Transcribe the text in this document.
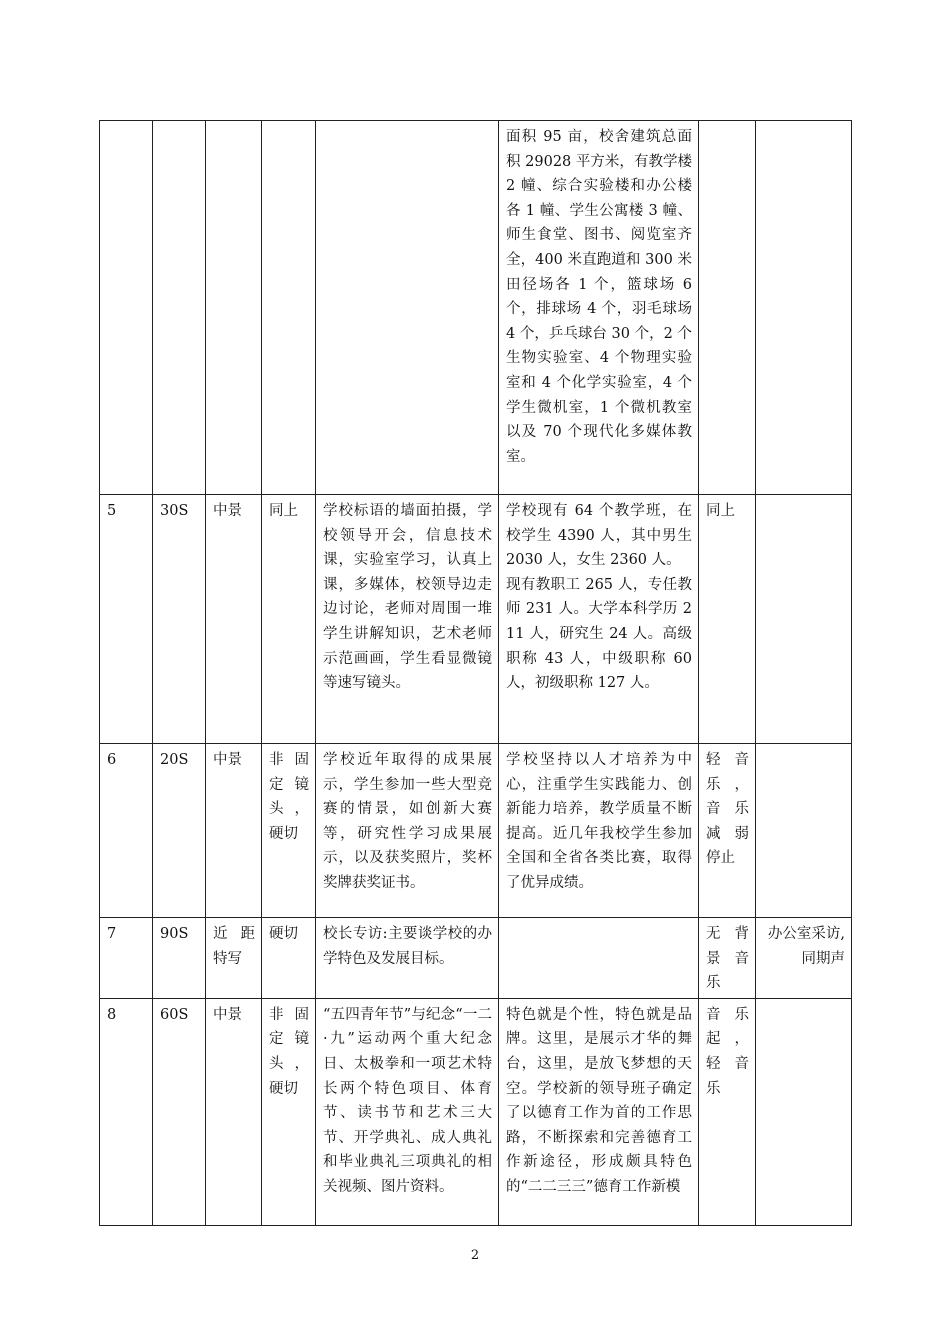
					面积 95 亩，校舍建筑总面积 29028 平方米，有教学楼 2 幢、综合实验楼和办公楼各 1 幢、学生公寓楼 3 幢、师生食堂、图书、阅览室齐全，400 米直跑道和 300 米田径场各 1 个，篮球场 6 个，排球场 4 个，羽毛球场 4 个，乒乓球台 30 个，2 个生物实验室、4 个物理实验室和 4 个化学实验室，4 个学生微机室，1 个微机教室以及 70 个现代化多媒体教室。		

5	30S	中景	同上	学校标语的墙面拍摄，学校领导开会，信息技术课，实验室学习，认真上课，多媒体，校领导边走边讨论，老师对周围一堆学生讲解知识，艺术老师示范画画，学生看显微镜等速写镜头。	学校现有 64 个教学班，在校学生 4390 人，其中男生 2030 人，女生 2360 人。
现有教职工 265 人，专任教师 231 人。大学本科学历 211 人，研究生 24 人。高级职称 43 人，中级职称 60 人，初级职称 127 人。	同上	
6	20S	中景	非固定镜头，硬切	学校近年取得的成果展示，学生参加一些大型竞赛的情景，如创新大赛等，研究性学习成果展示，以及获奖照片，奖杯奖牌获奖证书。	学校坚持以人才培养为中心，注重学生实践能力、创新能力培养，教学质量不断提高。近几年我校学生参加全国和全省各类比赛，取得了优异成绩。	轻音乐，音乐减弱停止	
7	90S	近距特写	硬切	校长专访:主要谈学校的办学特色及发展目标。		无背景音乐	办公室采访,同期声
8	60S	中景	非固定镜头，硬切	“五四青年节”与纪念“一二·九”运动两个重大纪念日、太极拳和一项艺术特长两个特色项目、体育节、读书节和艺术三大节、开学典礼、成人典礼和毕业典礼三项典礼的相关视频、图片资料。	特色就是个性，特色就是品牌。这里，是展示才华的舞台，这里，是放飞梦想的天空。学校新的领导班子确定了以德育工作为首的工作思路，不断探索和完善德育工作新途径，形成颇具特色的“二二三三”德育工作新模	音乐起，轻音乐	
2
